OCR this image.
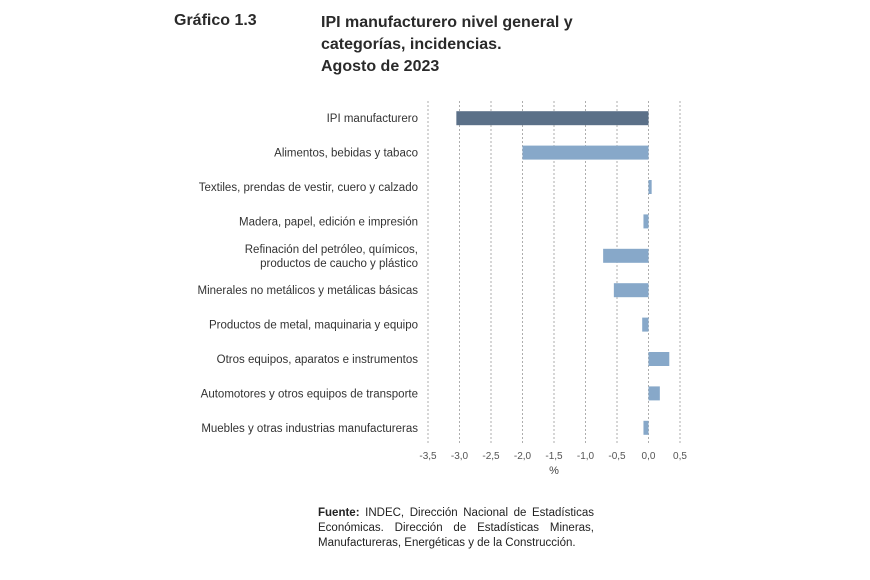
Gráfico 1.3	IPI manufacturero nivel general y
categorías, incidencias.
Agosto de 2023
IPI manufacturero
Alimentos, bebidas y tabaco
Textiles, prendas de vestir, cuero y calzado
Madera, papel, edición e impresión
Refinación del petróleo, químicos,
productos de caucho y plástico
Minerales no metálicos y metálicas básicas
Productos de metal, maquinaria y equipo
Otros equipos, aparatos e instrumentos
Automotores y otros equipos de transporte
Muebles y otras industrias manufactureras
-3,5 -3,0 -2,5 -2,0 -1,5 -1,0 -0,5 0,0 0,5
%
Fuente: INDEC, Dirección Nacional de Estadísticas Económicas. Dirección de Estadísticas Mineras, Manufactureras, Energéticas y de la Construcción.
